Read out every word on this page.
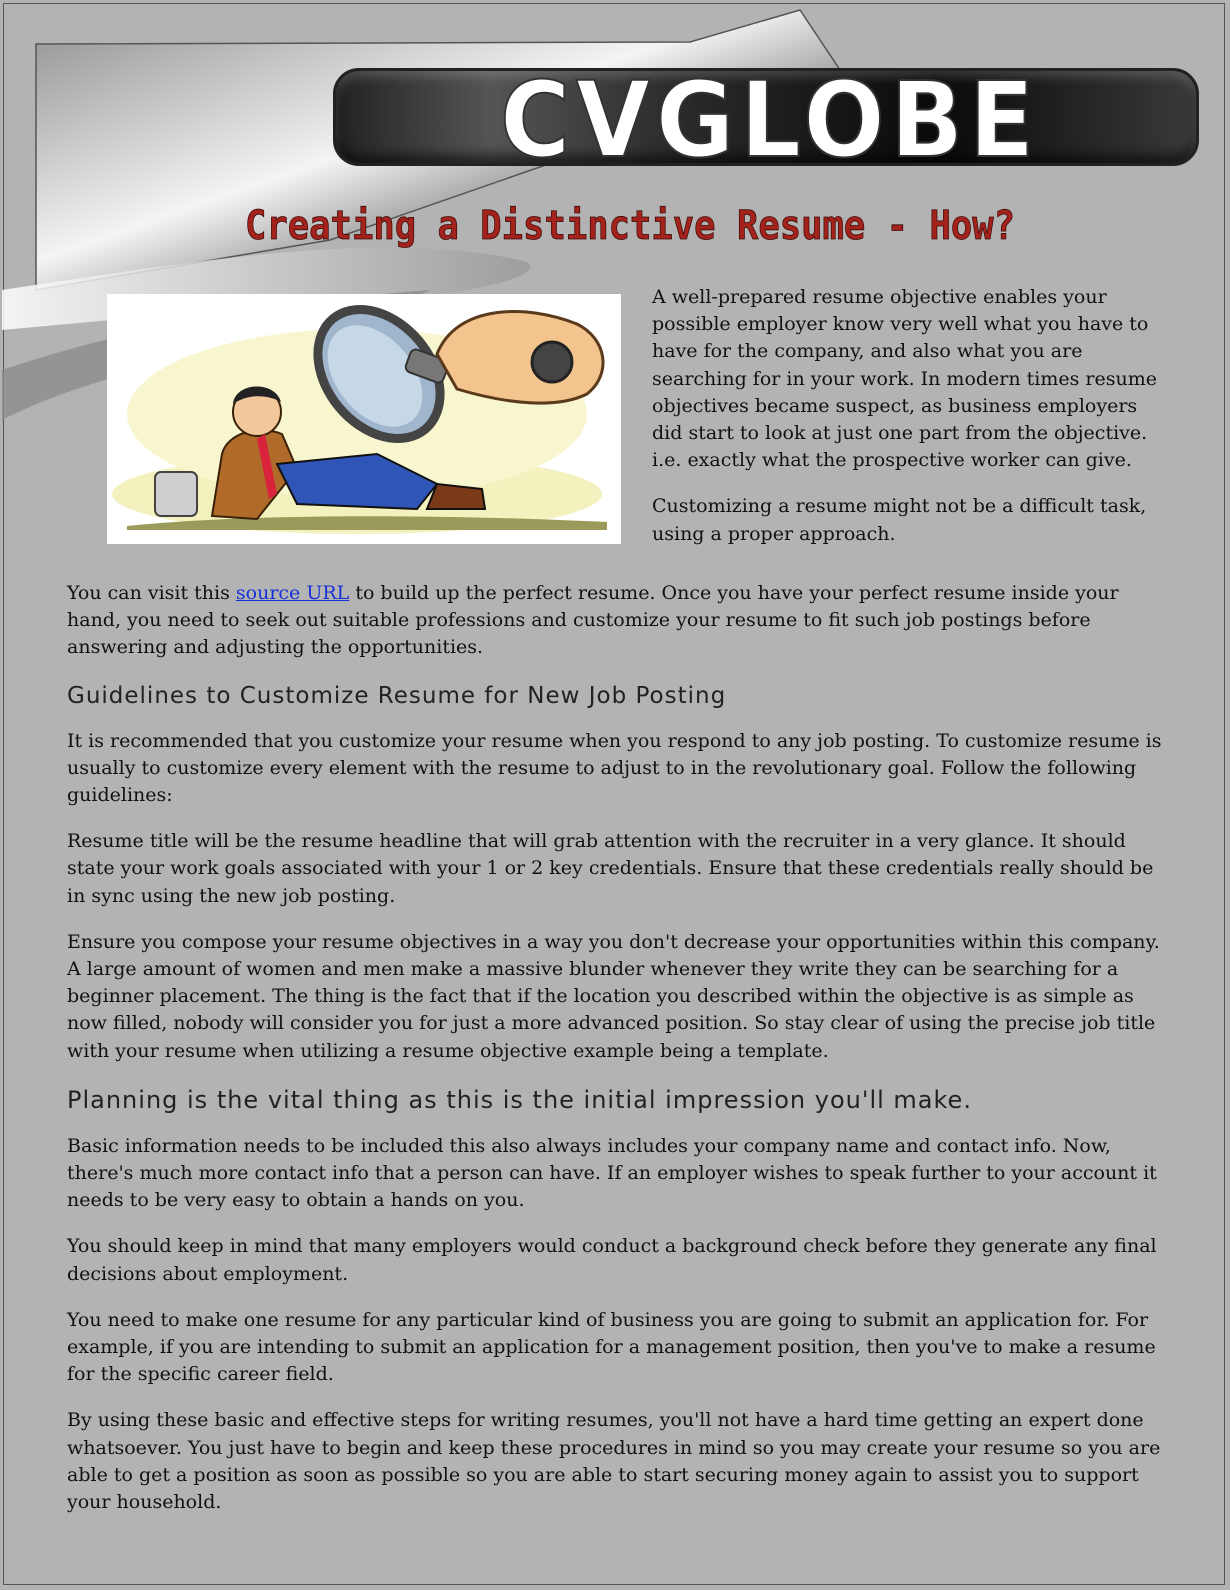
CVGLOBE
Creating a Distinctive Resume - How?

A well-prepared resume objective enables your possible employer know very well what you have to have for the company, and also what you are searching for in your work. In modern times resume objectives became suspect, as business employers did start to look at just one part from the objective. i.e. exactly what the prospective worker can give.

Customizing a resume might not be a difficult task, using a proper approach.

You can visit this source URL to build up the perfect resume. Once you have your perfect resume inside your hand, you need to seek out suitable professions and customize your resume to fit such job postings before answering and adjusting the opportunities.

Guidelines to Customize Resume for New Job Posting

It is recommended that you customize your resume when you respond to any job posting. To customize resume is usually to customize every element with the resume to adjust to in the revolutionary goal. Follow the following guidelines:

Resume title will be the resume headline that will grab attention with the recruiter in a very glance. It should state your work goals associated with your 1 or 2 key credentials. Ensure that these credentials really should be in sync using the new job posting.

Ensure you compose your resume objectives in a way you don't decrease your opportunities within this company. A large amount of women and men make a massive blunder whenever they write they can be searching for a beginner placement. The thing is the fact that if the location you described within the objective is as simple as now filled, nobody will consider you for just a more advanced position. So stay clear of using the precise job title with your resume when utilizing a resume objective example being a template.

Planning is the vital thing as this is the initial impression you'll make.

Basic information needs to be included this also always includes your company name and contact info. Now, there's much more contact info that a person can have. If an employer wishes to speak further to your account it needs to be very easy to obtain a hands on you.

You should keep in mind that many employers would conduct a background check before they generate any final decisions about employment.

You need to make one resume for any particular kind of business you are going to submit an application for. For example, if you are intending to submit an application for a management position, then you've to make a resume for the specific career field.

By using these basic and effective steps for writing resumes, you'll not have a hard time getting an expert done whatsoever. You just have to begin and keep these procedures in mind so you may create your resume so you are able to get a position as soon as possible so you are able to start securing money again to assist you to support your household.
